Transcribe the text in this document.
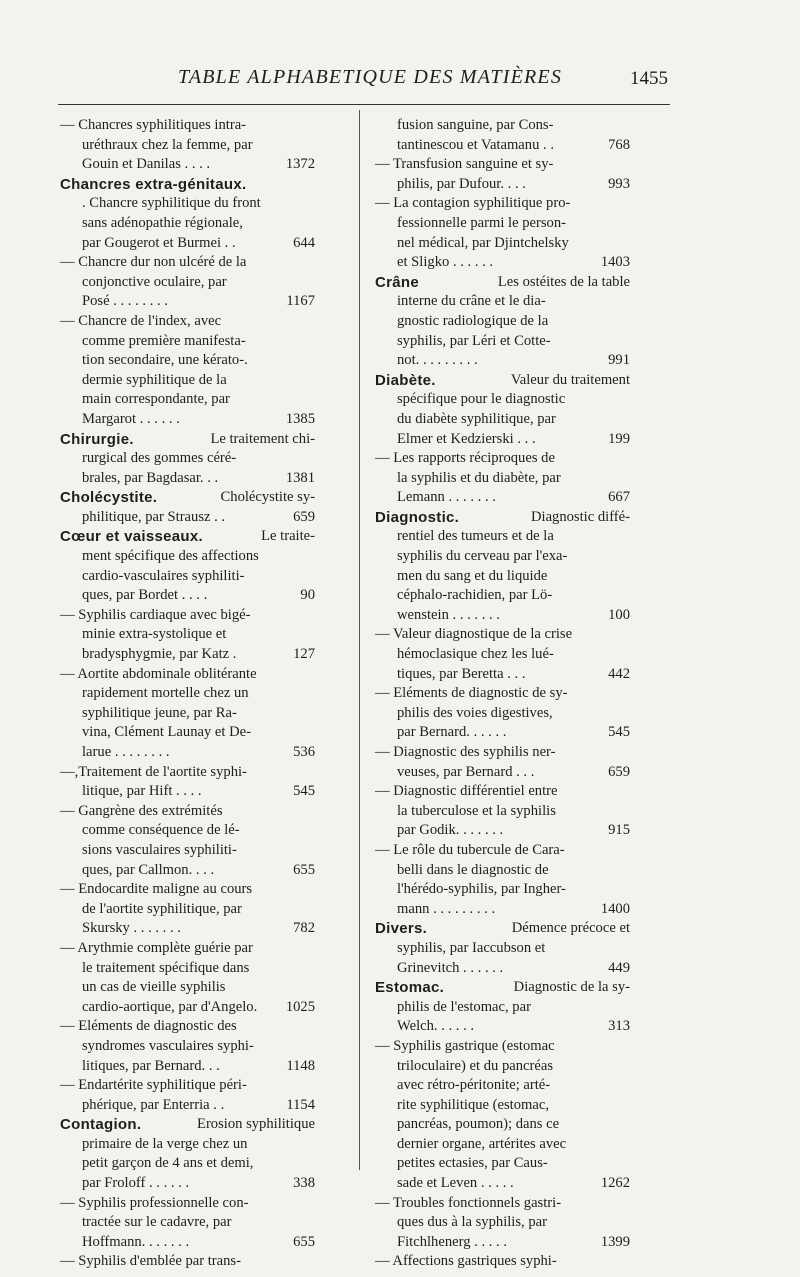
TABLE ALPHABETIQUE DES MATIÈRES	1455
— Chancres syphilitiques intra-
uréthraux chez la femme, par
Gouin et Danilas . . . .	1372
Chancres extra-génitaux.
. Chancre syphilitique du front
sans adénopathie régionale,
par Gougerot et Burmei . .	644
— Chancre dur non ulcéré de la
conjonctive oculaire, par
Posé . . . . . . . .	1167
— Chancre de l'index, avec
comme première manifesta-
tion secondaire, une kérato-.
dermie syphilitique de la
main correspondante, par
Margarot . . . . . .	1385
Chirurgie.	Le traitement chi-
rurgical des gommes céré-
brales, par Bagdasar. . .	1381
Cholécystite.	Cholécystite sy-
philitique, par Strausz . .	659
Cœur et vaisseaux.	Le traite-
ment spécifique des affections
cardio-vasculaires syphiliti-
ques, par Bordet . . . .	90
— Syphilis cardiaque avec bigé-
minie extra-systolique et
bradysphygmie, par Katz .	127
— Aortite abdominale oblitérante
rapidement mortelle chez un
syphilitique jeune, par Ra-
vina, Clément Launay et De-
larue . . . . . . . .	536
—,Traitement de l'aortite syphi-
litique, par Hift . . . .	545
— Gangrène des extrémités
comme conséquence de lé-
sions vasculaires syphiliti-
ques, par Callmon. . . .	655
— Endocardite maligne au cours
de l'aortite syphilitique, par
Skursky . . . . . . .	782
— Arythmie complète guérie par
le traitement spécifique dans
un cas de vieille syphilis
cardio-aortique, par d'Angelo.	1025
— Eléments de diagnostic des
syndromes vasculaires syphi-
litiques, par Bernard. . .	1148
— Endartérite syphilitique péri-
phérique, par Enterria . .	1154
Contagion.	Erosion syphilitique
primaire de la verge chez un
petit garçon de 4 ans et demi,
par Froloff . . . . . .	338
— Syphilis professionnelle con-
tractée sur le cadavre, par
Hoffmann. . . . . . .	655
— Syphilis d'emblée par trans-
fusion sanguine, par Cons-
tantinescou et Vatamanu . .	768
— Transfusion sanguine et sy-
philis, par Dufour. . . .	993
— La contagion syphilitique pro-
fessionnelle parmi le person-
nel médical, par Djintchelsky
et Sligko . . . . . .	1403
Crâne	Les ostéites de la table
interne du crâne et le dia-
gnostic radiologique de la
syphilis, par Léri et Cotte-
not. . . . . . . . .	991
Diabète.	Valeur du traitement
spécifique pour le diagnostic
du diabète syphilitique, par
Elmer et Kedzierski . . .	199
— Les rapports réciproques de
la syphilis et du diabète, par
Lemann . . . . . . .	667
Diagnostic.	Diagnostic diffé-
rentiel des tumeurs et de la
syphilis du cerveau par l'exa-
men du sang et du liquide
céphalo-rachidien, par Lö-
wenstein . . . . . . .	100
— Valeur diagnostique de la crise
hémoclasique chez les lué-
tiques, par Beretta . . .	442
— Eléments de diagnostic de sy-
philis des voies digestives,
par Bernard. . . . . .	545
— Diagnostic des syphilis ner-
veuses, par Bernard . . .	659
— Diagnostic différentiel entre
la tuberculose et la syphilis
par Godik. . . . . . .	915
— Le rôle du tubercule de Cara-
belli dans le diagnostic de
l'hérédo-syphilis, par Ingher-
mann . . . . . . . . .	1400
Divers.	Démence précoce et
syphilis, par Iaccubson et
Grinevitch . . . . . .	449
Estomac.	Diagnostic de la sy-
philis de l'estomac, par
Welch. . . . . .	313
— Syphilis gastrique (estomac
triloculaire) et du pancréas
avec rétro-péritonite; arté-
rite syphilitique (estomac,
pancréas, poumon); dans ce
dernier organe, artérites avec
petites ectasies, par Caus-
sade et Leven . . . . .	1262
— Troubles fonctionnels gastri-
ques dus à la syphilis, par
Fitchlhenerg . . . . .	1399
— Affections gastriques syphi-
